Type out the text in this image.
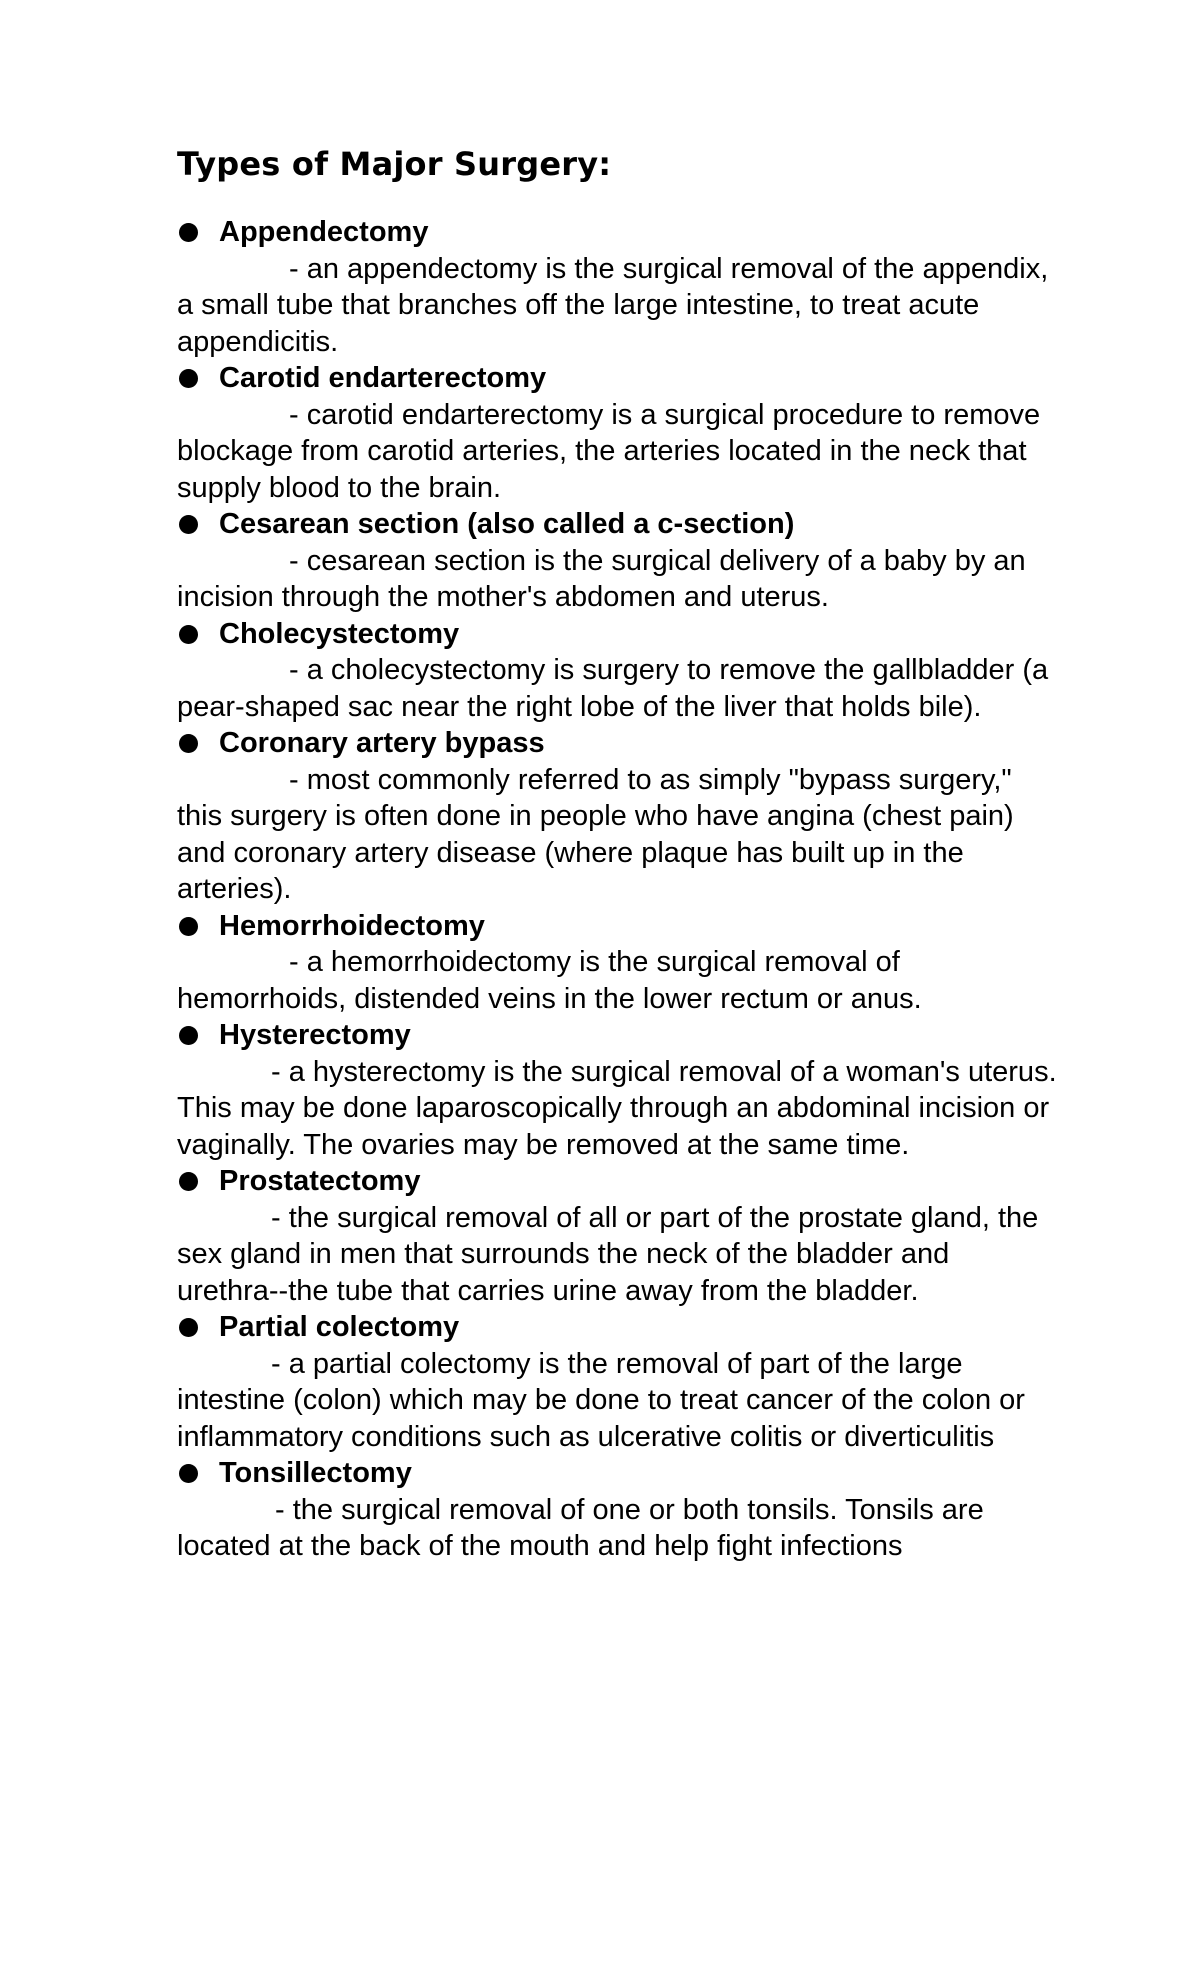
Types of Major Surgery:
Appendectomy

- an appendectomy is the surgical removal of the appendix, a small tube that branches off the large intestine, to treat acute appendicitis.

Carotid endarterectomy

- carotid endarterectomy is a surgical procedure to remove blockage from carotid arteries, the arteries located in the neck that supply blood to the brain.

Cesarean section (also called a c-section)

- cesarean section is the surgical delivery of a baby by an incision through the mother's abdomen and uterus.

Cholecystectomy

- a cholecystectomy is surgery to remove the gallbladder (a pear-shaped sac near the right lobe of the liver that holds bile).

Coronary artery bypass

- most commonly referred to as simply "bypass surgery," this surgery is often done in people who have angina (chest pain) and coronary artery disease (where plaque has built up in the arteries).

Hemorrhoidectomy

- a hemorrhoidectomy is the surgical removal of hemorrhoids, distended veins in the lower rectum or anus.

Hysterectomy

- a hysterectomy is the surgical removal of a woman's uterus. This may be done laparoscopically through an abdominal incision or vaginally. The ovaries may be removed at the same time.

Prostatectomy

- the surgical removal of all or part of the prostate gland, the sex gland in men that surrounds the neck of the bladder and urethra--the tube that carries urine away from the bladder.

Partial colectomy

- a partial colectomy is the removal of part of the large intestine (colon) which may be done to treat cancer of the colon or inflammatory conditions such as ulcerative colitis or diverticulitis

Tonsillectomy

- the surgical removal of one or both tonsils. Tonsils are located at the back of the mouth and help fight infections
